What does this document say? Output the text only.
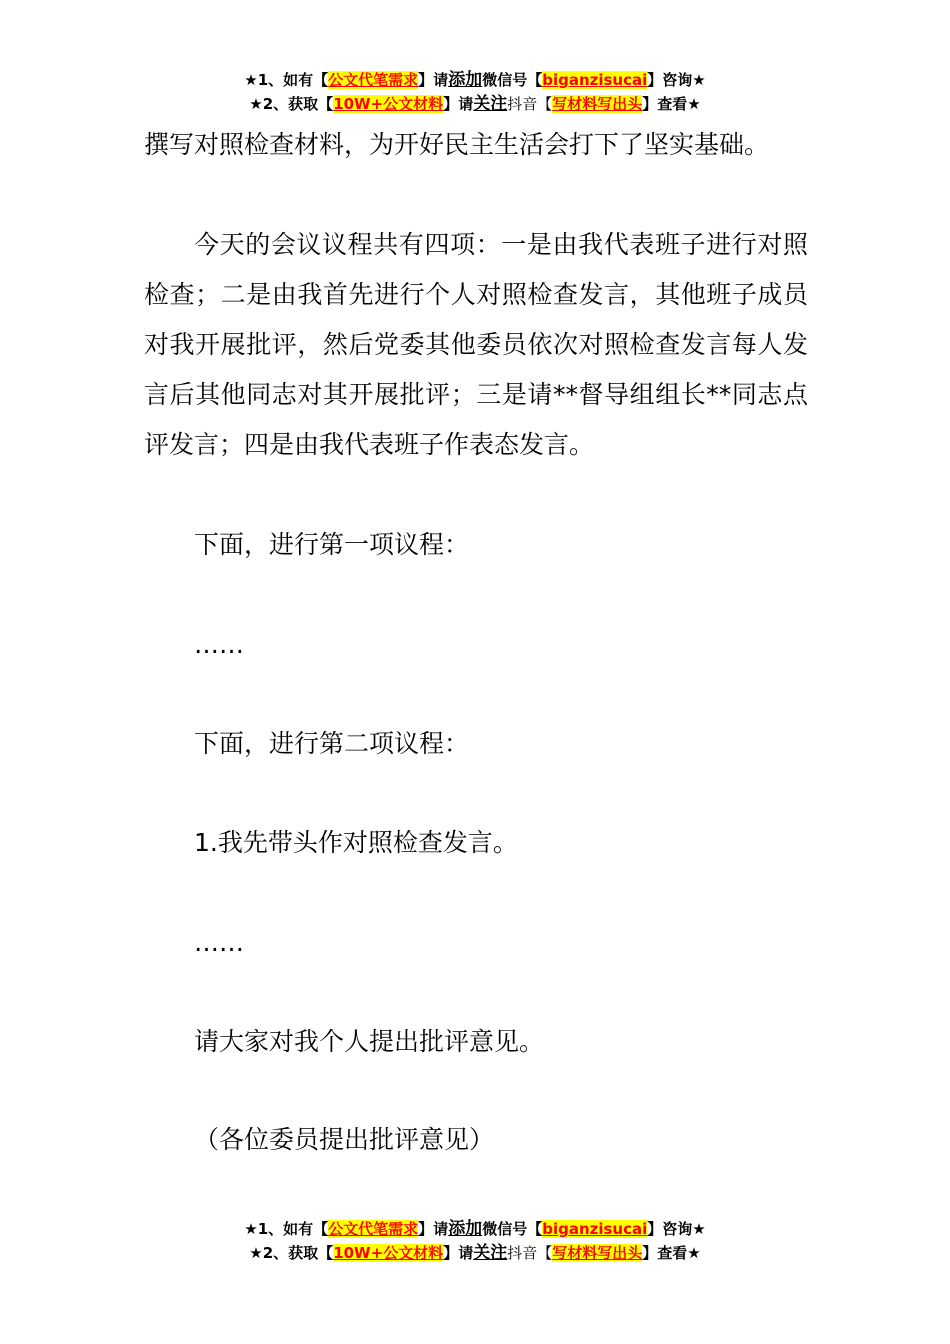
★1、如有【公文代笔需求】请添加微信号【biganzisucai】咨询★
★2、获取【10W+公文材料】请关注抖音【写材料写出头】查看★

撰写对照检查材料，为开好民主生活会打下了坚实基础。

今天的会议议程共有四项：一是由我代表班子进行对照检查；二是由我首先进行个人对照检查发言，其他班子成员对我开展批评，然后党委其他委员依次对照检查发言每人发言后其他同志对其开展批评；三是请**督导组组长**同志点评发言；四是由我代表班子作表态发言。

下面，进行第一项议程：

……

下面，进行第二项议程：

1.我先带头作对照检查发言。

……

请大家对我个人提出批评意见。

（各位委员提出批评意见）

★1、如有【公文代笔需求】请添加微信号【biganzisucai】咨询★
★2、获取【10W+公文材料】请关注抖音【写材料写出头】查看★
